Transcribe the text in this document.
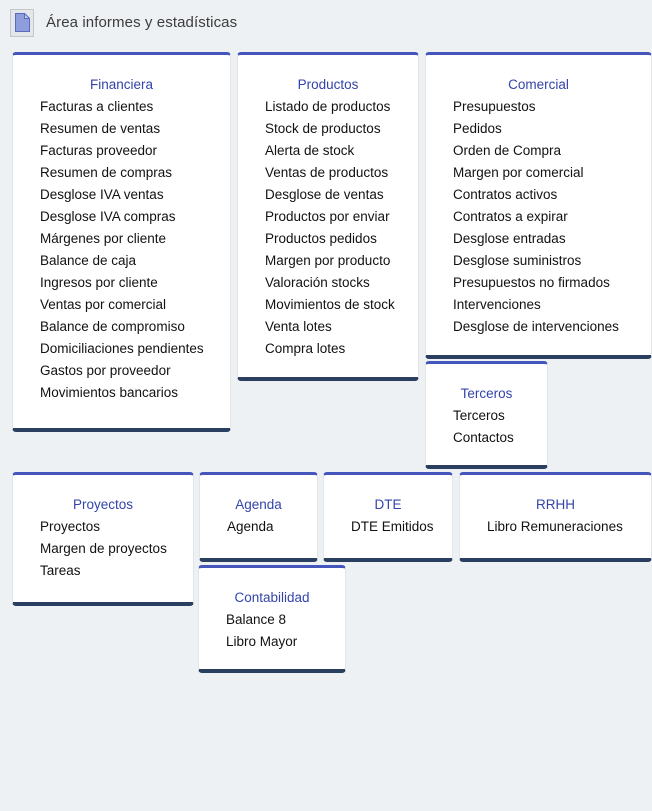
Área informes y estadísticas
Financiera
Facturas a clientes
Resumen de ventas
Facturas proveedor
Resumen de compras
Desglose IVA ventas
Desglose IVA compras
Márgenes por cliente
Balance de caja
Ingresos por cliente
Ventas por comercial
Balance de compromiso
Domiciliaciones pendientes
Gastos por proveedor
Movimientos bancarios
Productos
Listado de productos
Stock de productos
Alerta de stock
Ventas de productos
Desglose de ventas
Productos por enviar
Productos pedidos
Margen por producto
Valoración stocks
Movimientos de stock
Venta lotes
Compra lotes
Comercial
Presupuestos
Pedidos
Orden de Compra
Margen por comercial
Contratos activos
Contratos a expirar
Desglose entradas
Desglose suministros
Presupuestos no firmados
Intervenciones
Desglose de intervenciones
Terceros
Terceros
Contactos
Proyectos
Proyectos
Margen de proyectos
Tareas
Agenda
Agenda
DTE
DTE Emitidos
RRHH
Libro Remuneraciones
Contabilidad
Balance 8
Libro Mayor
